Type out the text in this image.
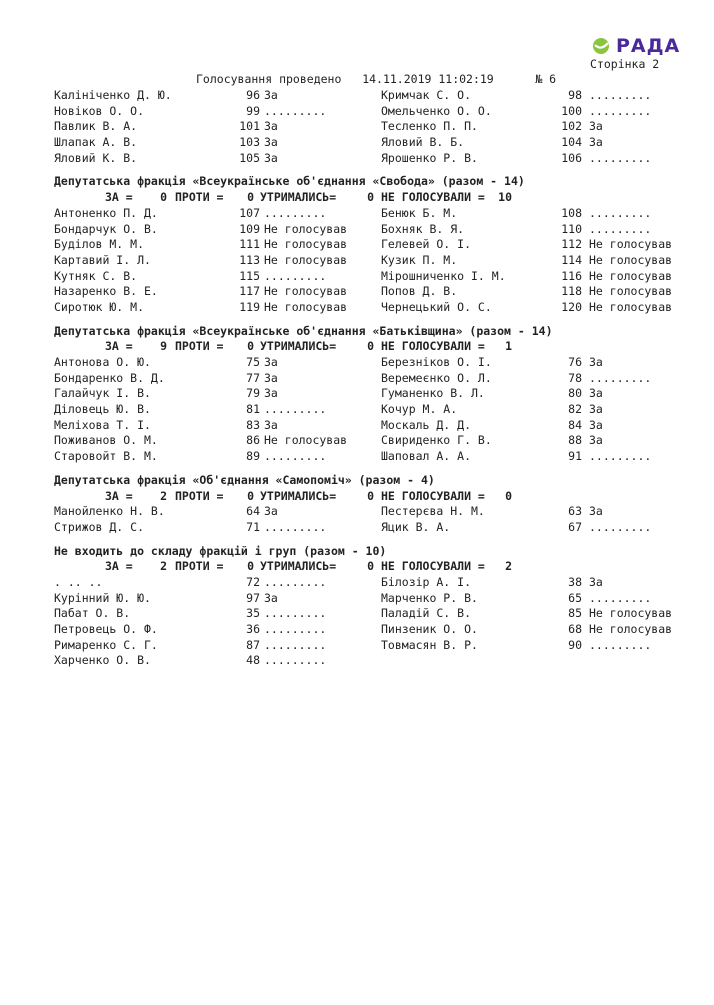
РАДА
Сторінка 2
Голосування проведено 14.11.2019 11:02:19	№ 6
Калініченко Д. Ю.	96 За	Кримчак С. О.	98 .........
Новіков О. О.	99 .........	Омельченко О. О.	100 .........
Павлик В. А.	101 За	Тесленко П. П.	102 За
Шлапак А. В.	103 За	Яловий В. Б.	104 За
Яловий К. В.	105 За	Ярошенко Р. В.	106 .........
Депутатська фракція «Всеукраїнське об'єднання «Свобода» (разом - 14)
ЗА =	0 ПРОТИ =	0 УТРИМАЛИСЬ=	0 НЕ ГОЛОСУВАЛИ = 10
Антоненко П. Д.	107 .........	Бенюк Б. М.	108 .........
Бондарчук О. В.	109 Не голосував	Бохняк В. Я.	110 .........
Буділов М. М.	111 Не голосував	Гелевей О. І.	112 Не голосував
Картавий І. Л.	113 Не голосував	Кузик П. М.	114 Не голосував
Кутняк С. В.	115 .........	Мірошниченко І. М.	116 Не голосував
Назаренко В. Е.	117 Не голосував	Попов Д. В.	118 Не голосував
Сиротюк Ю. М.	119 Не голосував	Чернецький О. С.	120 Не голосував
Депутатська фракція «Всеукраїнське об'єднання «Батьківщина» (разом - 14)
ЗА =	9 ПРОТИ =	0 УТРИМАЛИСЬ=	0 НЕ ГОЛОСУВАЛИ =	1
Антонова О. Ю.	75 За	Березніков О. І.	76 За
Бондаренко В. Д.	77 За	Веремеєнко О. Л.	78 .........
Галайчук І. В.	79 За	Гуманенко В. Л.	80 За
Діловець Ю. В.	81 .........	Кочур М. А.	82 За
Меліхова Т. І.	83 За	Москаль Д. Д.	84 За
Поживанов О. М.	86 Не голосував	Свириденко Г. В.	88 За
Старовойт В. М.	89 .........	Шаповал А. А.	91 .........
Депутатська фракція «Об'єднання «Самопоміч» (разом - 4)
ЗА =	2 ПРОТИ =	0 УТРИМАЛИСЬ=	0 НЕ ГОЛОСУВАЛИ =	0
Манойленко Н. В.	64 За	Пестерєва Н. М.	63 За
Стрижов Д. С.	71 .........	Яцик В. А.	67 .........
Не входить до складу фракцій і груп (разом - 10)
ЗА =	2 ПРОТИ =	0 УТРИМАЛИСЬ=	0 НЕ ГОЛОСУВАЛИ =	2
. .. ..	72 .........	Білозір А. І.	38 За
Курінний Ю. Ю.	97 За	Марченко Р. В.	65 .........
Пабат О. В.	35 .........	Паладій С. В.	85 Не голосував
Петровець О. Ф.	36 .........	Пинзеник О. О.	68 Не голосував
Римаренко С. Г.	87 .........	Товмасян В. Р.	90 .........
Харченко О. В.	48 .........
